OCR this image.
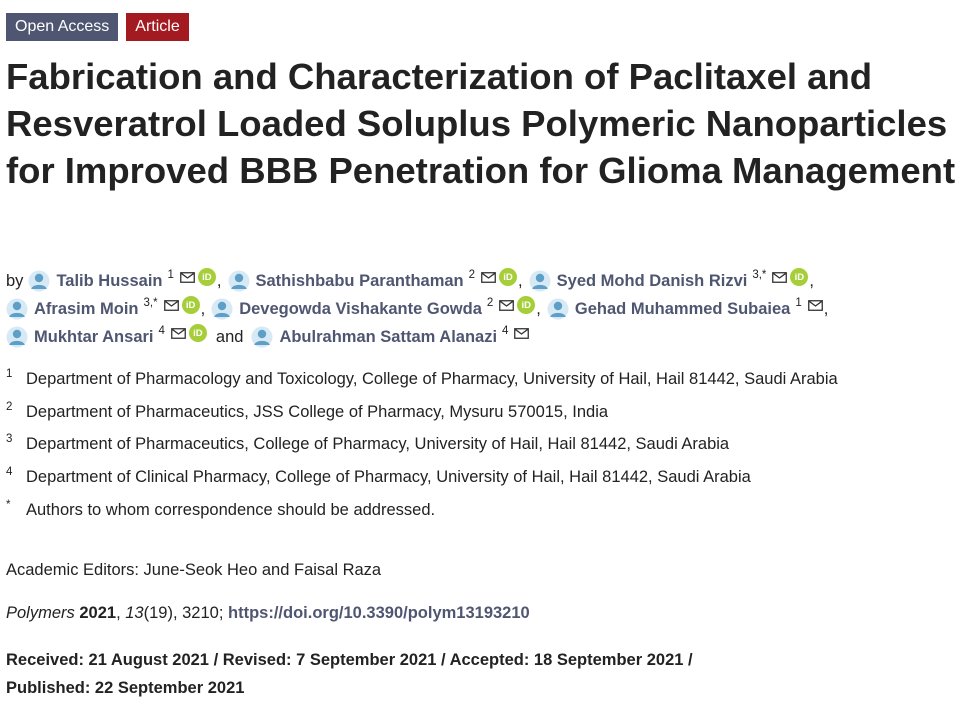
Open Access	Article
Fabrication and Characterization of Paclitaxel and Resveratrol Loaded Soluplus Polymeric Nanoparticles for Improved BBB Penetration for Glioma Management
by Talib Hussain 1	iD , Sathishbabu Paranthaman 2	iD , Syed Mohd Danish Rizvi 3,*	iD ,
Afrasim Moin 3,*	iD , Devegowda Vishakante Gowda 2	iD , Gehad Muhammed Subaiea 1 ,
Mukhtar Ansari 4	iD and Abulrahman Sattam Alanazi 4
1 Department of Pharmacology and Toxicology, College of Pharmacy, University of Hail, Hail 81442, Saudi Arabia
2 Department of Pharmaceutics, JSS College of Pharmacy, Mysuru 570015, India
3 Department of Pharmaceutics, College of Pharmacy, University of Hail, Hail 81442, Saudi Arabia
4 Department of Clinical Pharmacy, College of Pharmacy, University of Hail, Hail 81442, Saudi Arabia
* Authors to whom correspondence should be addressed.
Academic Editors: June-Seok Heo and Faisal Raza
Polymers 2021, 13(19), 3210; https://doi.org/10.3390/polym13193210
Received: 21 August 2021 / Revised: 7 September 2021 / Accepted: 18 September 2021 /
Published: 22 September 2021
